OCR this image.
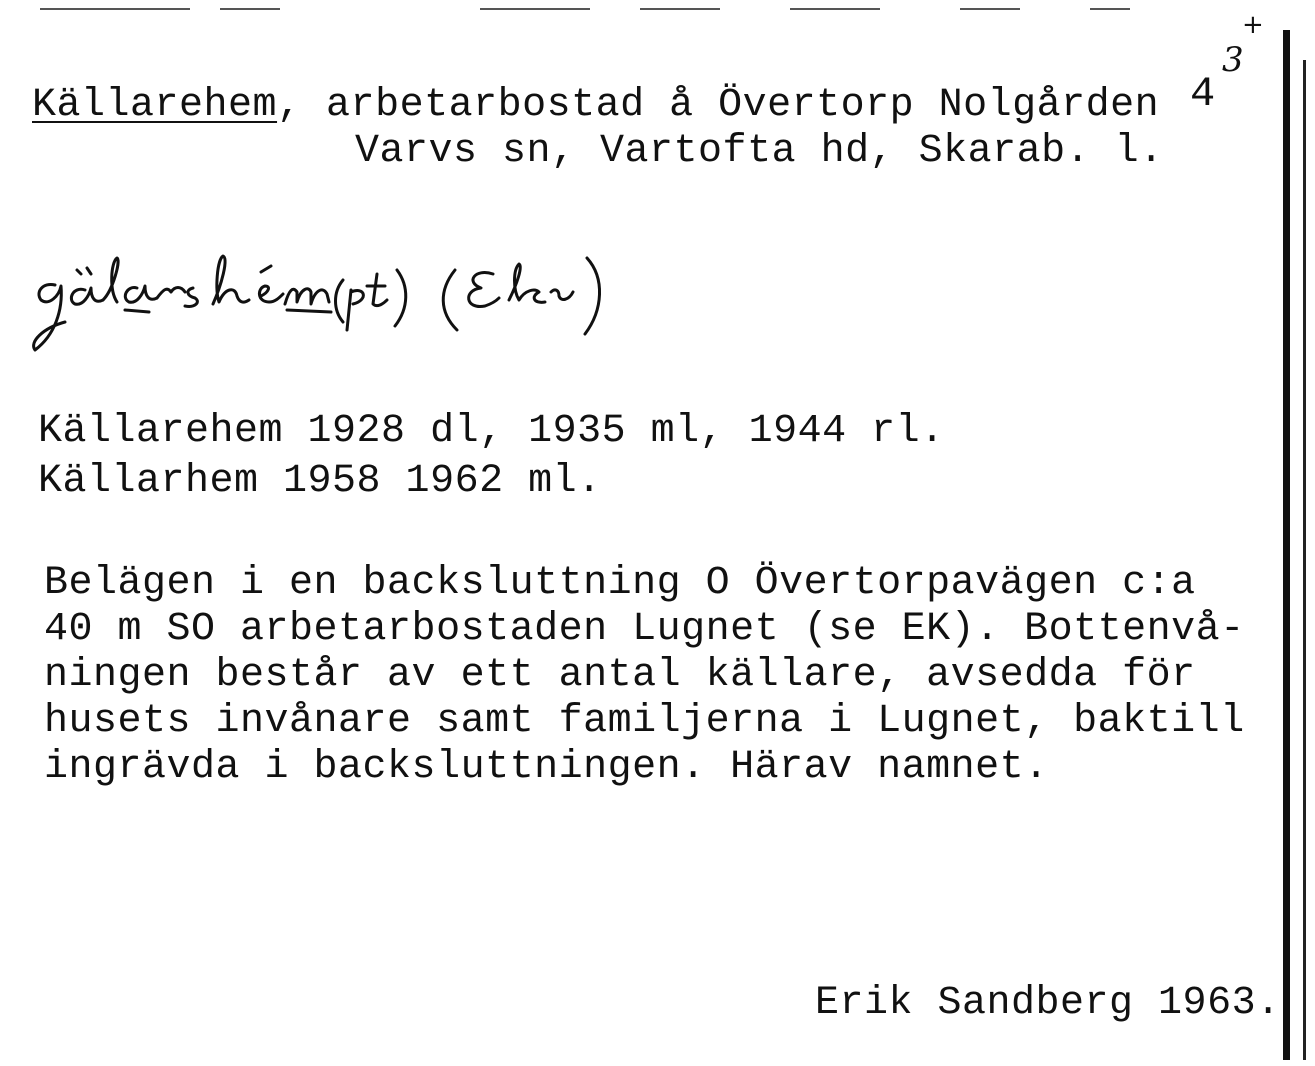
+
3
4
Källarehem, arbetarbostad å Övertorp Nolgården
Varvs sn, Vartofta hd, Skarab. l.
Källarehem 1928 dl, 1935 ml, 1944 rl.
Källarhem 1958 1962 ml.
Belägen i en backsluttning O Övertorpavägen c:a
40 m SO arbetarbostaden Lugnet (se EK). Bottenvå-
ningen består av ett antal källare, avsedda för
husets invånare samt familjerna i Lugnet, baktill
ingrävda i backsluttningen. Härav namnet.
Erik Sandberg 1963.
